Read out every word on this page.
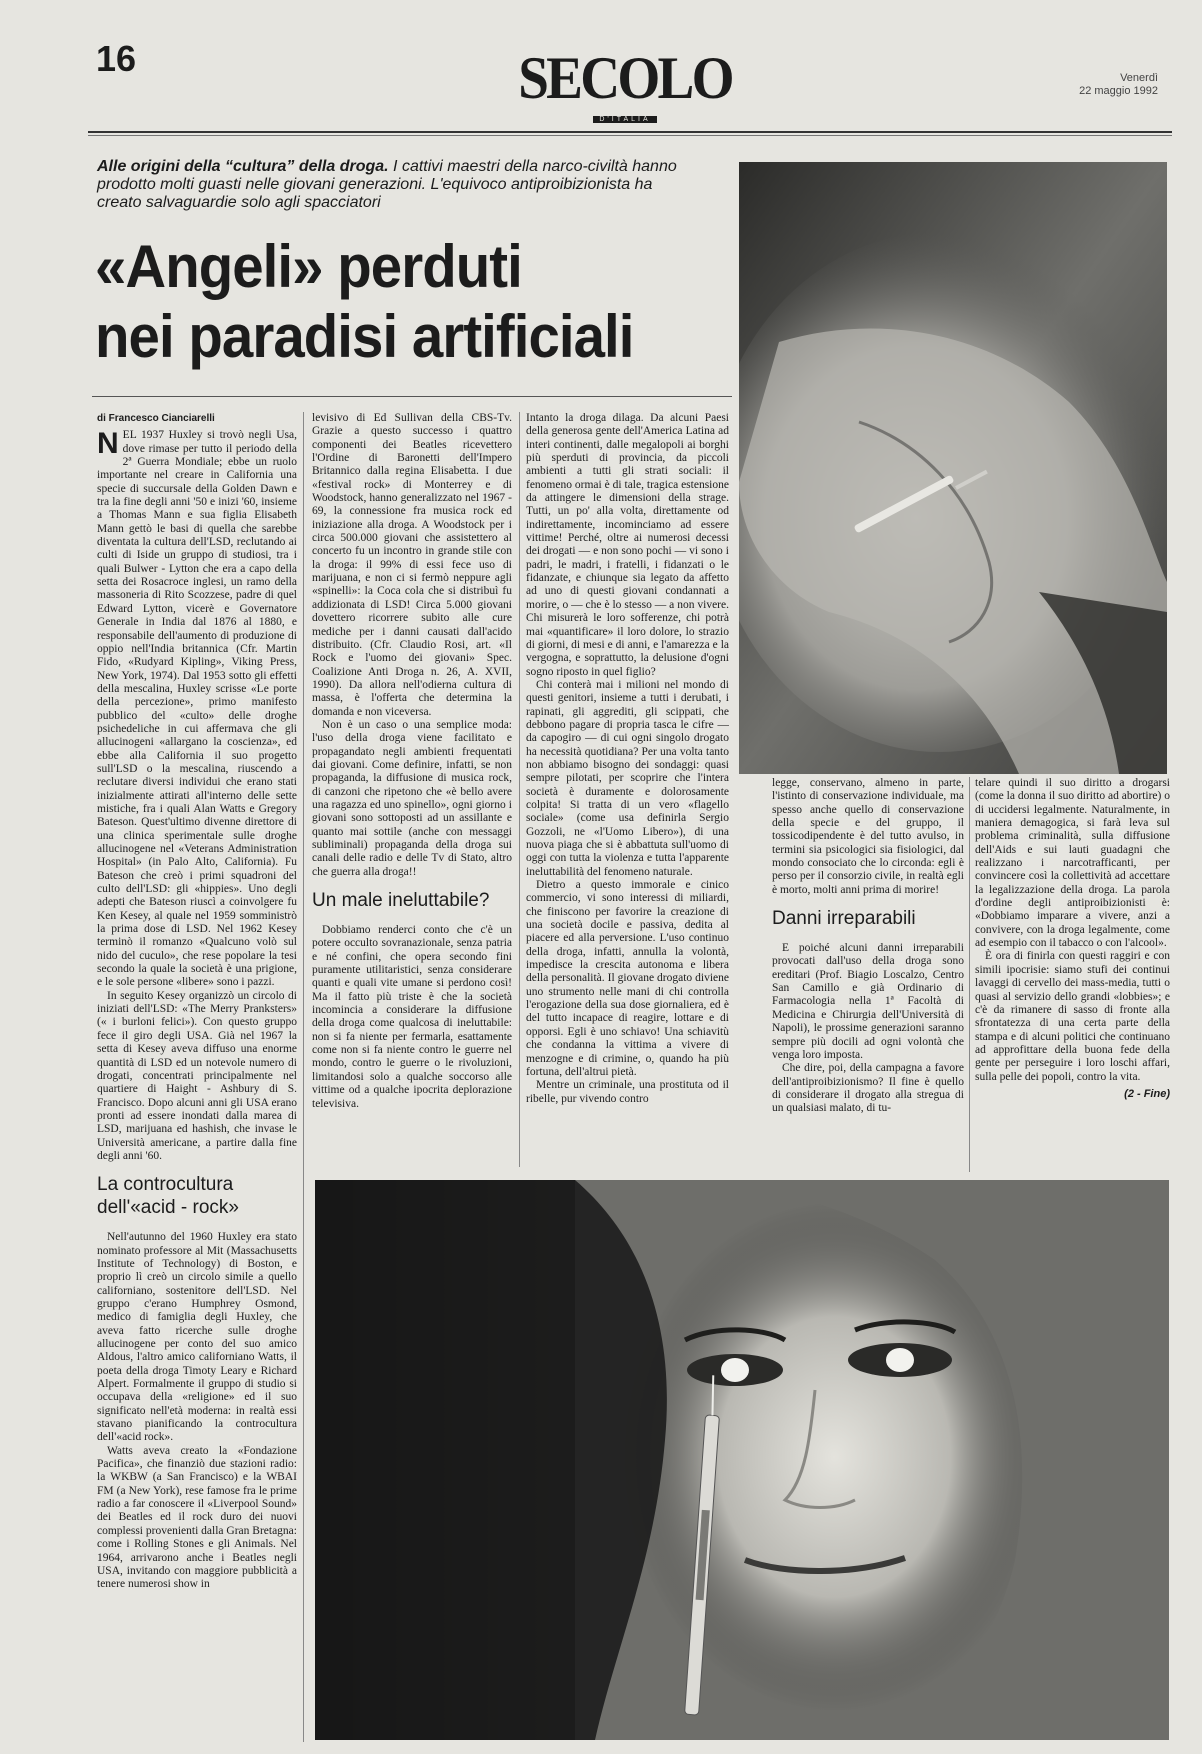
16	SECOLO
D'ITALIA
Venerdì
22 maggio 1992
Alle origini della “cultura” della droga. I cattivi maestri della narco-civiltà hanno prodotto molti guasti nelle giovani generazioni. L'equivoco antiproibizionista ha creato salvaguardie solo agli spacciatori
«Angeli» perduti
nei paradisi artificiali
di Francesco Cianciarelli

NEL 1937 Huxley si trovò negli Usa, dove rimase per tutto il periodo della 2ª Guerra Mondiale; ebbe un ruolo importante nel creare in California una specie di succursale della Golden Dawn e tra la fine degli anni '50 e inizi '60, insieme a Thomas Mann e sua figlia Elisabeth Mann gettò le basi di quella che sarebbe diventata la cultura dell'LSD, reclutando ai culti di Iside un gruppo di studiosi, tra i quali Bulwer - Lytton che era a capo della setta dei Rosacroce inglesi, un ramo della massoneria di Rito Scozzese, padre di quel Edward Lytton, vicerè e Governatore Generale in India dal 1876 al 1880, e responsabile dell'aumento di produzione di oppio nell'India britannica (Cfr. Martin Fido, «Rudyard Kipling», Viking Press, New York, 1974). Dal 1953 sotto gli effetti della mescalina, Huxley scrisse «Le porte della percezione», primo manifesto pubblico del «culto» delle droghe psichedeliche in cui affermava che gli allucinogeni «allargano la coscienza», ed ebbe alla California il suo progetto sull'LSD o la mescalina, riuscendo a reclutare diversi individui che erano stati inizialmente attirati all'interno delle sette mistiche, fra i quali Alan Watts e Gregory Bateson. Quest'ultimo divenne direttore di una clinica sperimentale sulle droghe allucinogene nel «Veterans Administration Hospital» (in Palo Alto, California). Fu Bateson che creò i primi squadroni del culto dell'LSD: gli «hippies». Uno degli adepti che Bateson riuscì a coinvolgere fu Ken Kesey, al quale nel 1959 somministrò la prima dose di LSD. Nel 1962 Kesey terminò il romanzo «Qualcuno volò sul nido del cuculo», che rese popolare la tesi secondo la quale la società è una prigione, e le sole persone «libere» sono i pazzi.

In seguito Kesey organizzò un circolo di iniziati dell'LSD: «The Merry Pranksters» (« i burloni felici»). Con questo gruppo fece il giro degli USA. Già nel 1967 la setta di Kesey aveva diffuso una enorme quantità di LSD ed un notevole numero di drogati, concentrati principalmente nel quartiere di Haight - Ashbury di S. Francisco. Dopo alcuni anni gli USA erano pronti ad essere inondati dalla marea di LSD, marijuana ed hashish, che invase le Università americane, a partire dalla fine degli anni '60.

La controcultura dell'«acid - rock»

Nell'autunno del 1960 Huxley era stato nominato professore al Mit (Massachusetts Institute of Technology) di Boston, e proprio lì creò un circolo simile a quello californiano, sostenitore dell'LSD. Nel gruppo c'erano Humphrey Osmond, medico di famiglia degli Huxley, che aveva fatto ricerche sulle droghe allucinogene per conto del suo amico Aldous, l'altro amico californiano Watts, il poeta della droga Timoty Leary e Richard Alpert. Formalmente il gruppo di studio si occupava della «religione» ed il suo significato nell'età moderna: in realtà essi stavano pianificando la controcultura dell'«acid rock».

Watts aveva creato la «Fondazione Pacifica», che finanziò due stazioni radio: la WKBW (a San Francisco) e la WBAI FM (a New York), rese famose fra le prime radio a far conoscere il «Liverpool Sound» dei Beatles ed il rock duro dei nuovi complessi provenienti dalla Gran Bretagna: come i Rolling Stones e gli Animals. Nel 1964, arrivarono anche i Beatles negli USA, invitando con maggiore pubblicità a tenere numerosi show in

levisivo di Ed Sullivan della CBS-Tv. Grazie a questo successo i quattro componenti dei Beatles ricevettero l'Ordine di Baronetti dell'Impero Britannico dalla regina Elisabetta. I due «festival rock» di Monterrey e di Woodstock, hanno generalizzato nel 1967 - 69, la connessione fra musica rock ed iniziazione alla droga. A Woodstock per i circa 500.000 giovani che assistettero al concerto fu un incontro in grande stile con la droga: il 99% di essi fece uso di marijuana, e non ci si fermò neppure agli «spinelli»: la Coca cola che si distribuì fu addizionata di LSD! Circa 5.000 giovani dovettero ricorrere subito alle cure mediche per i danni causati dall'acido distribuito. (Cfr. Claudio Rosi, art. «Il Rock e l'uomo dei giovani» Spec. Coalizione Anti Droga n. 26, A. XVII, 1990). Da allora nell'odierna cultura di massa, è l'offerta che determina la domanda e non viceversa.

Non è un caso o una semplice moda: l'uso della droga viene facilitato e propagandato negli ambienti frequentati dai giovani. Come definire, infatti, se non propaganda, la diffusione di musica rock, di canzoni che ripetono che «è bello avere una ragazza ed uno spinello», ogni giorno i giovani sono sottoposti ad un assillante e quanto mai sottile (anche con messaggi subliminali) propaganda della droga sui canali delle radio e delle Tv di Stato, altro che guerra alla droga!!

Un male ineluttabile?

Dobbiamo renderci conto che c'è un potere occulto sovranazionale, senza patria e né confini, che opera secondo fini puramente utilitaristici, senza considerare quanti e quali vite umane si perdono così! Ma il fatto più triste è che la società incomincia a considerare la diffusione della droga come qualcosa di ineluttabile: non si fa niente per fermarla, esattamente come non si fa niente contro le guerre nel mondo, contro le guerre o le rivoluzioni, limitandosi solo a qualche soccorso alle vittime od a qualche ipocrita deplorazione televisiva.

Intanto la droga dilaga. Da alcuni Paesi della generosa gente dell'America Latina ad interi continenti, dalle megalopoli ai borghi più sperduti di provincia, da piccoli ambienti a tutti gli strati sociali: il fenomeno ormai è di tale, tragica estensione da attingere le dimensioni della strage. Tutti, un po' alla volta, direttamente od indirettamente, incominciamo ad essere vittime! Perché, oltre ai numerosi decessi dei drogati — e non sono pochi — vi sono i padri, le madri, i fratelli, i fidanzati o le fidanzate, e chiunque sia legato da affetto ad uno di questi giovani condannati a morire, o — che è lo stesso — a non vivere. Chi misurerà le loro sofferenze, chi potrà mai «quantificare» il loro dolore, lo strazio di giorni, di mesi e di anni, e l'amarezza e la vergogna, e soprattutto, la delusione d'ogni sogno riposto in quel figlio?

Chi conterà mai i milioni nel mondo di questi genitori, insieme a tutti i derubati, i rapinati, gli aggrediti, gli scippati, che debbono pagare di propria tasca le cifre — da capogiro — di cui ogni singolo drogato ha necessità quotidiana? Per una volta tanto non abbiamo bisogno dei sondaggi: quasi sempre pilotati, per scoprire che l'intera società è duramente e dolorosamente colpita! Si tratta di un vero «flagello sociale» (come usa definirla Sergio Gozzoli, ne «l'Uomo Libero»), di una nuova piaga che si è abbattuta sull'uomo di oggi con tutta la violenza e tutta l'apparente ineluttabilità del fenomeno naturale.

Dietro a questo immorale e cinico commercio, vi sono interessi di miliardi, che finiscono per favorire la creazione di una società docile e passiva, dedita al piacere ed alla perversione. L'uso continuo della droga, infatti, annulla la volontà, impedisce la crescita autonoma e libera della personalità. Il giovane drogato diviene uno strumento nelle mani di chi controlla l'erogazione della sua dose giornaliera, ed è del tutto incapace di reagire, lottare e di opporsi. Egli è uno schiavo! Una schiavitù che condanna la vittima a vivere di menzogne e di crimine, o, quando ha più fortuna, dell'altrui pietà.

Mentre un criminale, una prostituta od il ribelle, pur vivendo contro

legge, conservano, almeno in parte, l'istinto di conservazione individuale, ma spesso anche quello di conservazione della specie e del gruppo, il tossicodipendente è del tutto avulso, in termini sia psicologici sia fisiologici, dal mondo consociato che lo circonda: egli è perso per il consorzio civile, in realtà egli è morto, molti anni prima di morire!

Danni irreparabili

E poiché alcuni danni irreparabili provocati dall'uso della droga sono ereditari (Prof. Biagio Loscalzo, Centro San Camillo e già Ordinario di Farmacologia nella 1ª Facoltà di Medicina e Chirurgia dell'Università di Napoli), le prossime generazioni saranno sempre più docili ad ogni volontà che venga loro imposta.

Che dire, poi, della campagna a favore dell'antiproibizionismo? Il fine è quello di considerare il drogato alla stregua di un qualsiasi malato, di tu-

telare quindi il suo diritto a drogarsi (come la donna il suo diritto ad abortire) o di uccidersi legalmente. Naturalmente, in maniera demagogica, si farà leva sul problema criminalità, sulla diffusione dell'Aids e sui lauti guadagni che realizzano i narcotrafficanti, per convincere così la collettività ad accettare la legalizzazione della droga. La parola d'ordine degli antiproibizionisti è: «Dobbiamo imparare a vivere, anzi a convivere, con la droga legalmente, come ad esempio con il tabacco o con l'alcool».

È ora di finirla con questi raggiri e con simili ipocrisie: siamo stufi dei continui lavaggi di cervello dei mass-media, tutti o quasi al servizio dello grandi «lobbies»; e c'è da rimanere di sasso di fronte alla sfrontatezza di una certa parte della stampa e di alcuni politici che continuano ad approfittare della buona fede della gente per perseguire i loro loschi affari, sulla pelle dei popoli, contro la vita.

(2 - Fine)
